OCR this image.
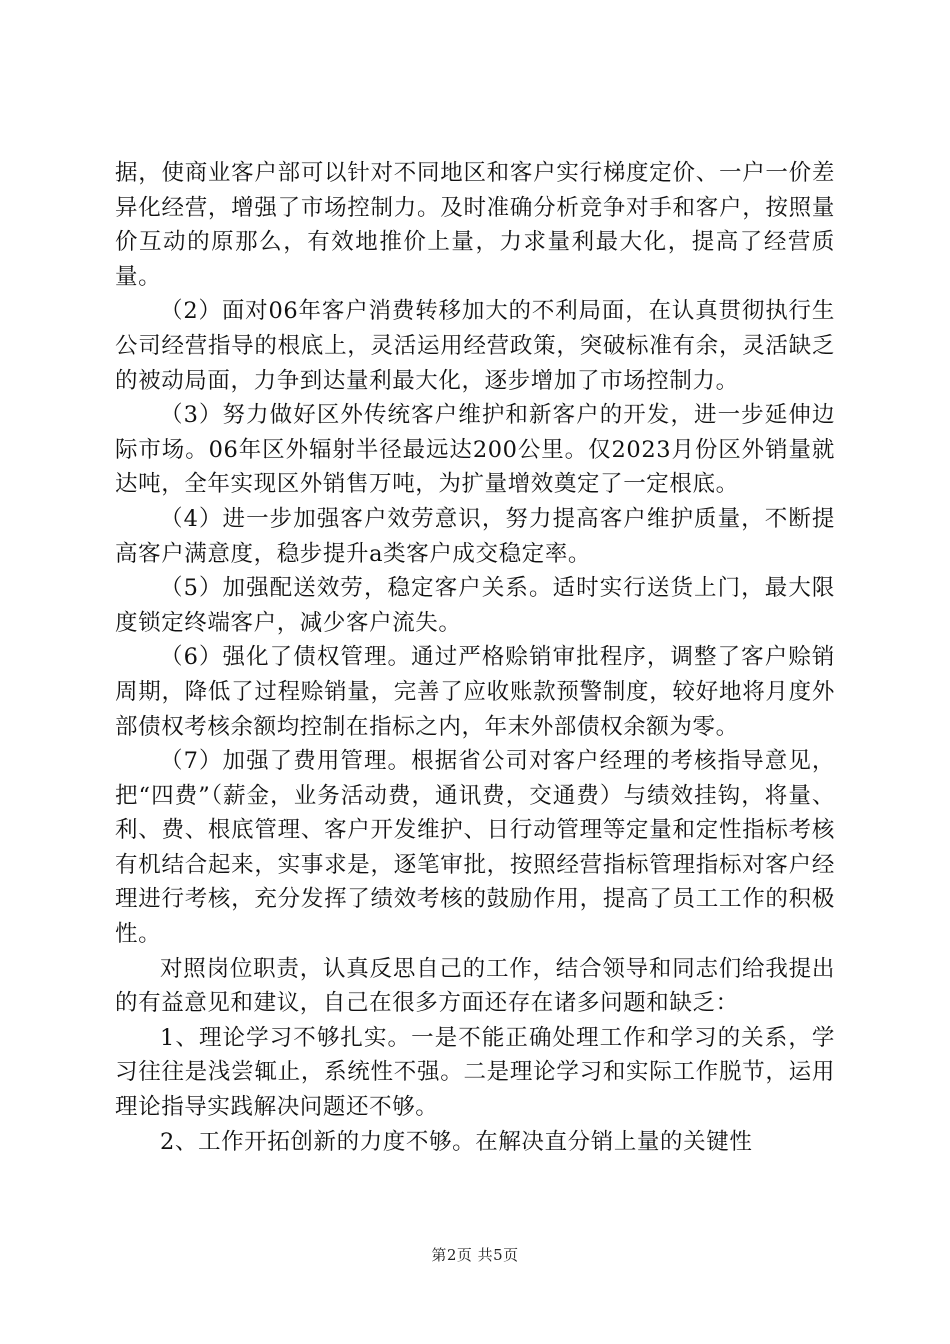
据，使商业客户部可以针对不同地区和客户实行梯度定价、一户一价差异化经营，增强了市场控制力。及时准确分析竞争对手和客户，按照量价互动的原那么，有效地推价上量，力求量利最大化，提高了经营质量。

（2）面对06年客户消费转移加大的不利局面，在认真贯彻执行生公司经营指导的根底上，灵活运用经营政策，突破标准有余，灵活缺乏的被动局面，力争到达量利最大化，逐步增加了市场控制力。

（3）努力做好区外传统客户维护和新客户的开发，进一步延伸边际市场。06年区外辐射半径最远达200公里。仅2023月份区外销量就达吨，全年实现区外销售万吨，为扩量增效奠定了一定根底。

（4）进一步加强客户效劳意识，努力提高客户维护质量，不断提高客户满意度，稳步提升a类客户成交稳定率。

（5）加强配送效劳，稳定客户关系。适时实行送货上门，最大限度锁定终端客户，减少客户流失。

（6）强化了债权管理。通过严格赊销审批程序，调整了客户赊销周期，降低了过程赊销量，完善了应收账款预警制度，较好地将月度外部债权考核余额均控制在指标之内，年末外部债权余额为零。

（7）加强了费用管理。根据省公司对客户经理的考核指导意见，把“四费”（薪金，业务活动费，通讯费，交通费）与绩效挂钩，将量、利、费、根底管理、客户开发维护、日行动管理等定量和定性指标考核有机结合起来，实事求是，逐笔审批，按照经营指标管理指标对客户经理进行考核，充分发挥了绩效考核的鼓励作用，提高了员工工作的积极性。

对照岗位职责，认真反思自己的工作，结合领导和同志们给我提出的有益意见和建议，自己在很多方面还存在诸多问题和缺乏：

1、理论学习不够扎实。一是不能正确处理工作和学习的关系，学习往往是浅尝辄止，系统性不强。二是理论学习和实际工作脱节，运用理论指导实践解决问题还不够。

2、工作开拓创新的力度不够。在解决直分销上量的关键性

第2页 共5页
